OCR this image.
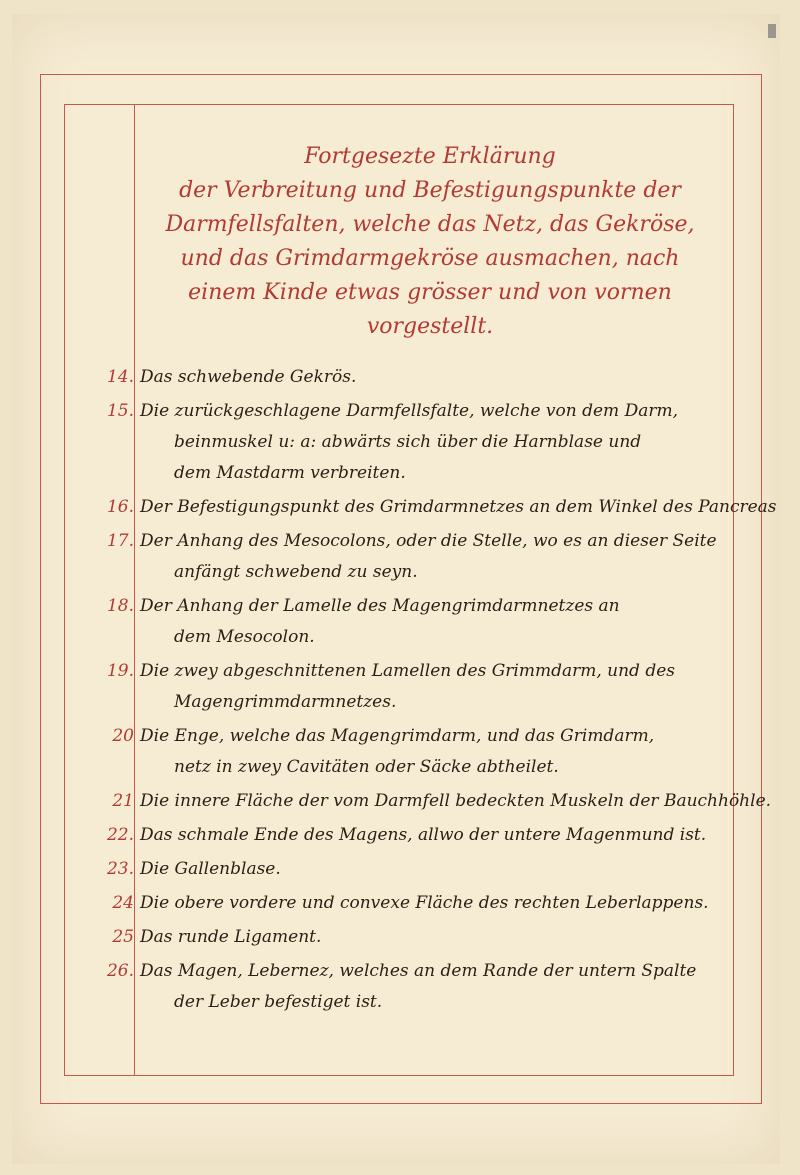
Fortgesezte Erklärung
der Verbreitung und Befestigungspunkte der
Darmfellsfalten, welche das Netz, das Gekröse,
und das Grimdarmgekröse ausmachen, nach
einem Kinde etwas grösser und von vornen
vorgestellt.
14. Das schwebende Gekrös.
15. Die zurückgeschlagene Darmfellsfalte, welche von dem Darm,
beinmuskel u: a: abwärts sich über die Harnblase und
dem Mastdarm verbreiten.
16. Der Befestigungspunkt des Grimdarmnetzes an dem Winkel des Pancreas
17. Der Anhang des Mesocolons, oder die Stelle, wo es an dieser Seite
anfängt schwebend zu seyn.
18. Der Anhang der Lamelle des Magengrimdarmnetzes an
dem Mesocolon.
19. Die zwey abgeschnittenen Lamellen des Grimmdarm, und des
Magengrimmdarmnetzes.
20 Die Enge, welche das Magengrimdarm, und das Grimdarm,
netz in zwey Cavitäten oder Säcke abtheilet.
21 Die innere Fläche der vom Darmfell bedeckten Muskeln der Bauchhöhle.
22. Das schmale Ende des Magens, allwo der untere Magenmund ist.
23. Die Gallenblase.
24 Die obere vordere und convexe Fläche des rechten Leberlappens.
25 Das runde Ligament.
26. Das Magen, Lebernez, welches an dem Rande der untern Spalte
der Leber befestiget ist.
